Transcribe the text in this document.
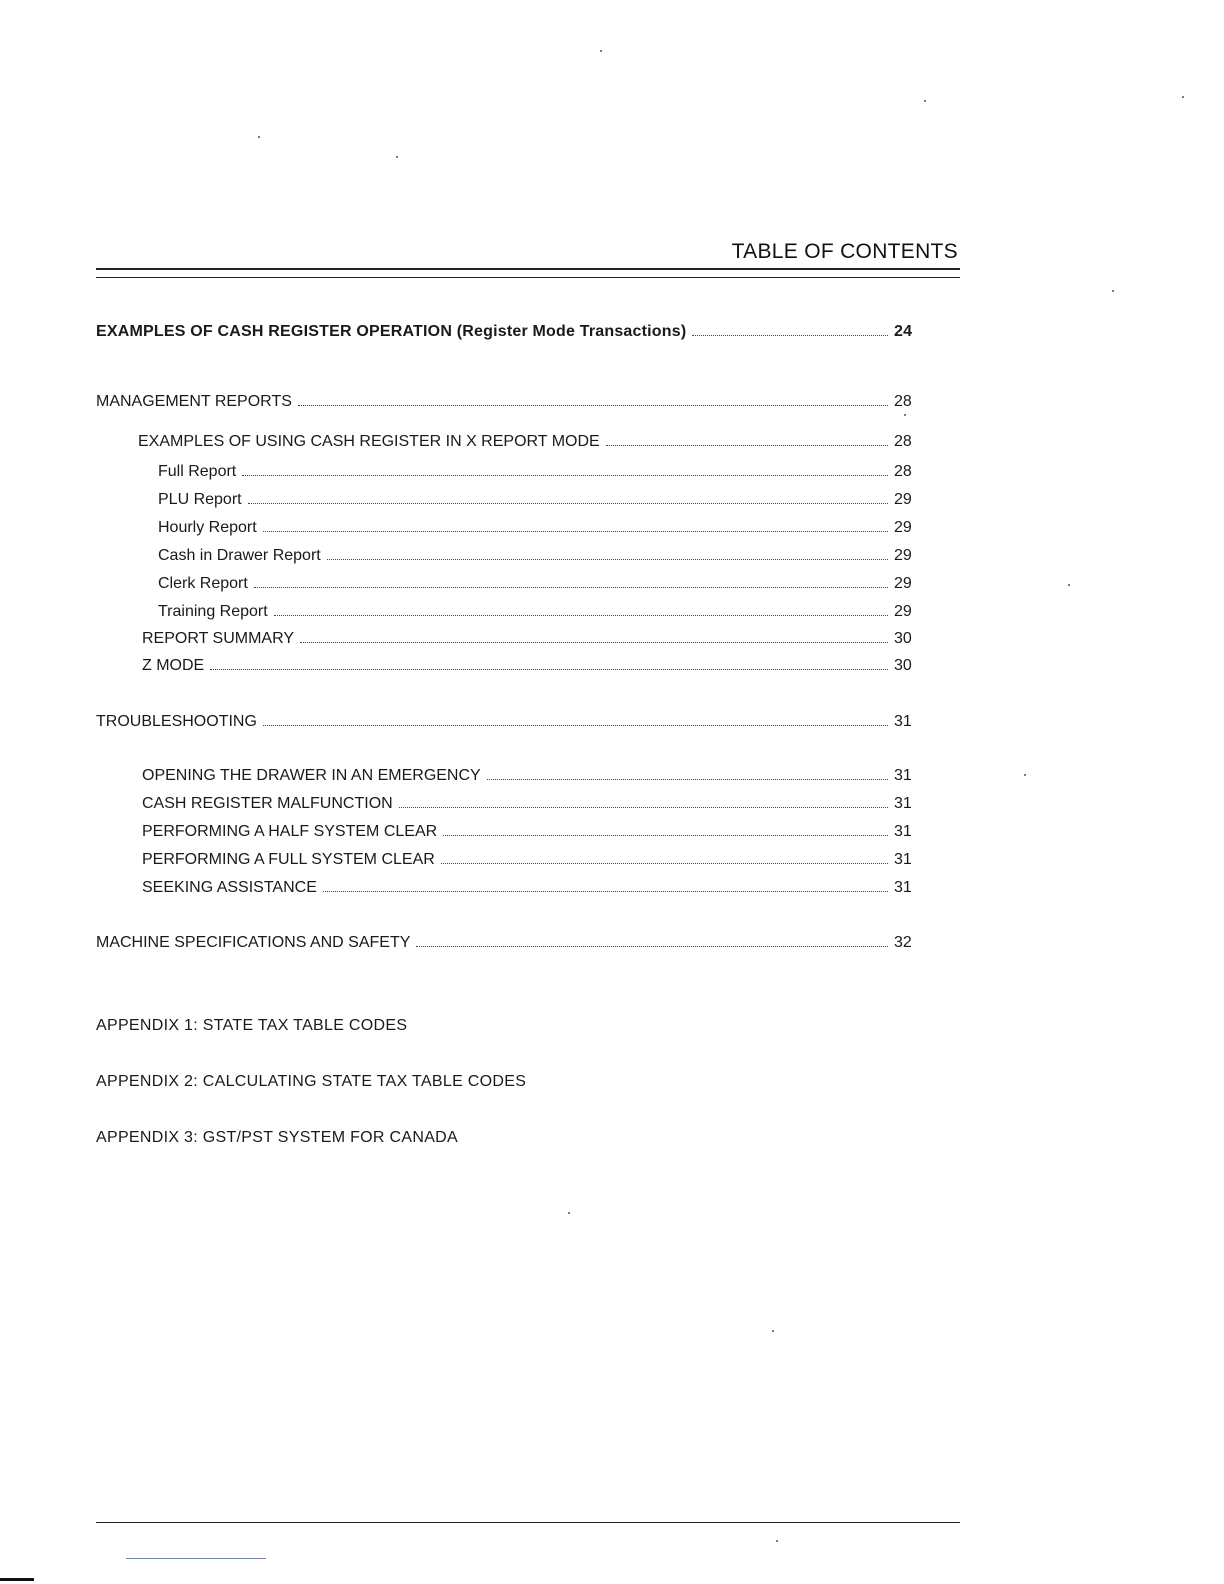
TABLE OF CONTENTS
EXAMPLES OF CASH REGISTER OPERATION (Register Mode Transactions)	24
MANAGEMENT REPORTS	28
EXAMPLES OF USING CASH REGISTER IN X REPORT MODE	28
Full Report	28
PLU Report	29
Hourly Report	29
Cash in Drawer Report	29
Clerk Report	29
Training Report	29
REPORT SUMMARY	30
Z MODE	30
TROUBLESHOOTING	31
OPENING THE DRAWER IN AN EMERGENCY	31
CASH REGISTER MALFUNCTION	31
PERFORMING A HALF SYSTEM CLEAR	31
PERFORMING A FULL SYSTEM CLEAR	31
SEEKING ASSISTANCE	31
MACHINE SPECIFICATIONS AND SAFETY	32
APPENDIX 1: STATE TAX TABLE CODES
APPENDIX 2: CALCULATING STATE TAX TABLE CODES
APPENDIX 3: GST/PST SYSTEM FOR CANADA
